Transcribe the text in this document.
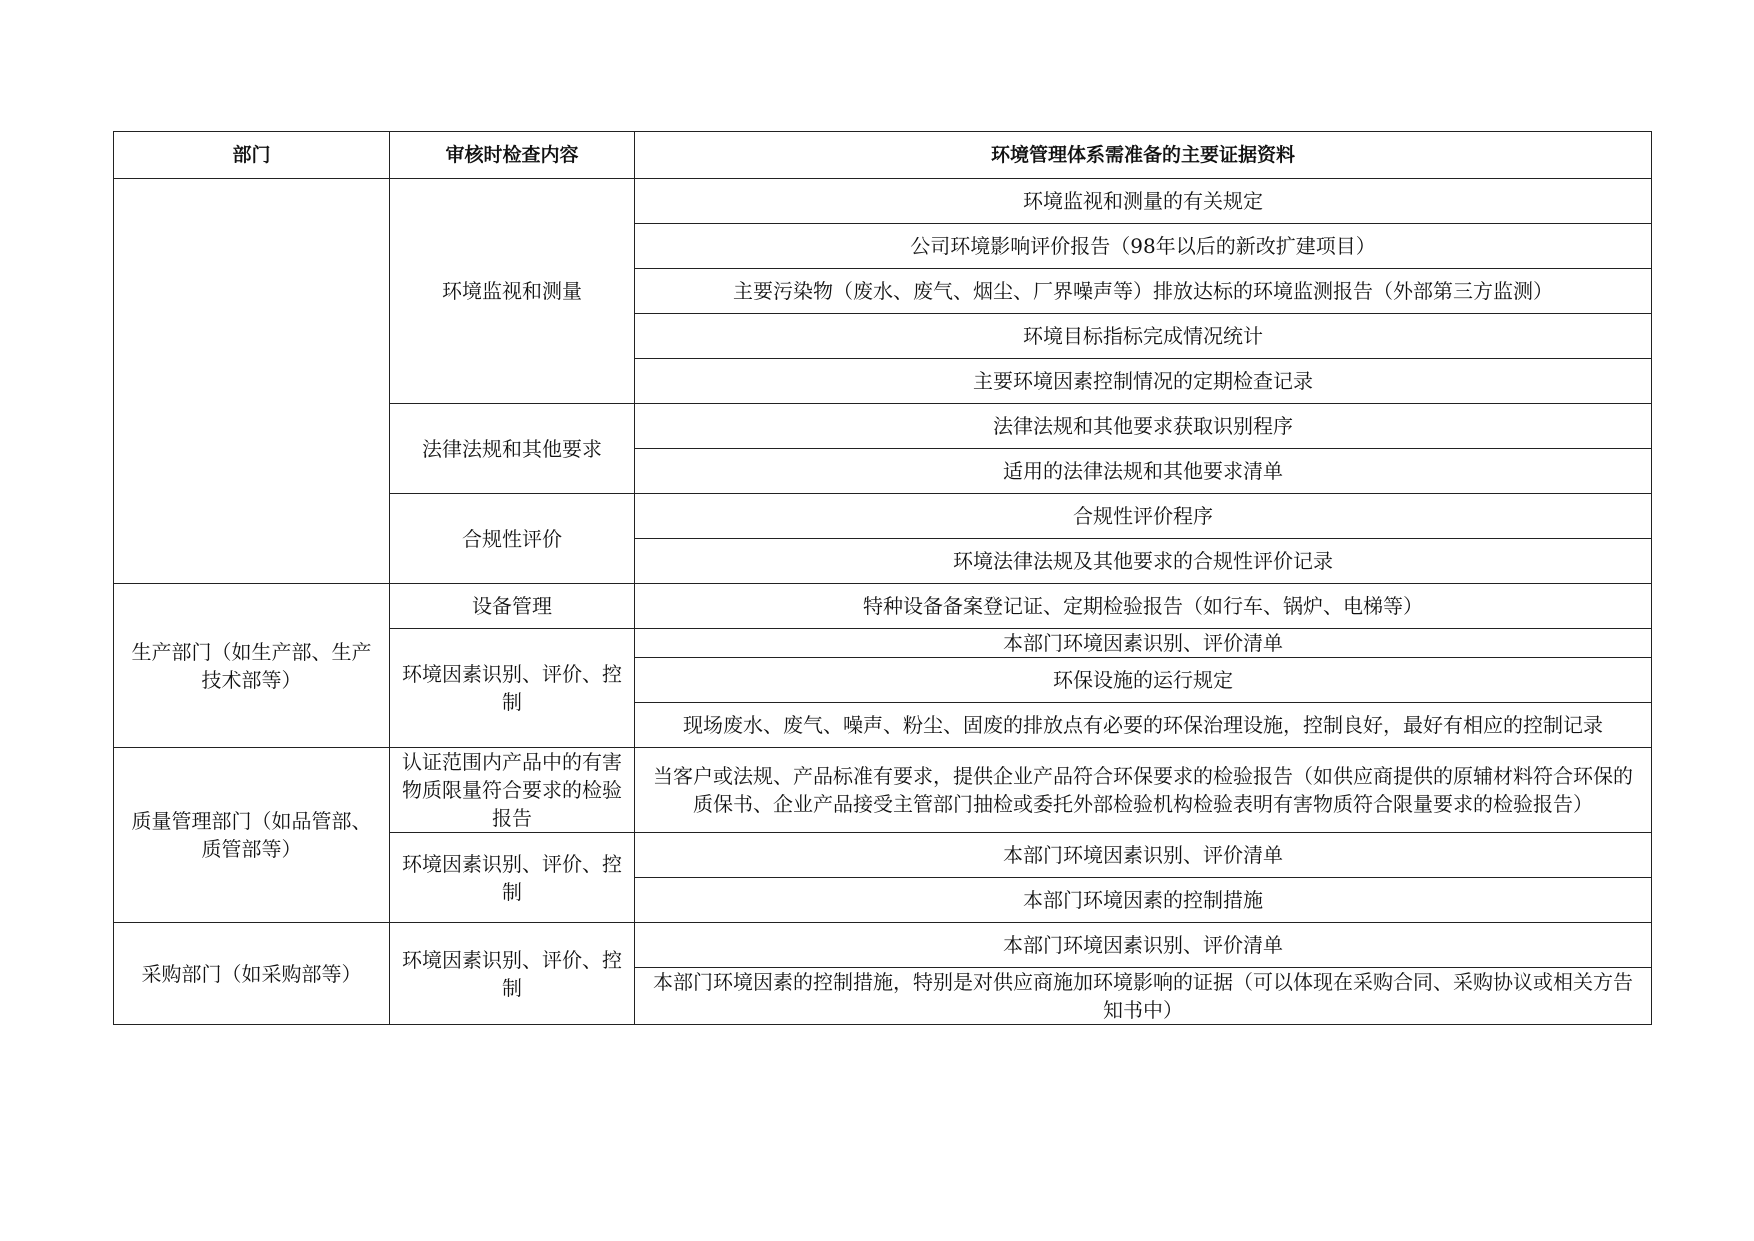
部门	审核时检查内容	环境管理体系需准备的主要证据资料
	环境监视和测量	环境监视和测量的有关规定
		公司环境影响评价报告（98年以后的新改扩建项目）
		主要污染物（废水、废气、烟尘、厂界噪声等）排放达标的环境监测报告（外部第三方监测）
		环境目标指标完成情况统计
		主要环境因素控制情况的定期检查记录
	法律法规和其他要求	法律法规和其他要求获取识别程序
		适用的法律法规和其他要求清单
	合规性评价	合规性评价程序
		环境法律法规及其他要求的合规性评价记录
生产部门（如生产部、生产技术部等）	设备管理	特种设备备案登记证、定期检验报告（如行车、锅炉、电梯等）
	环境因素识别、评价、控制	本部门环境因素识别、评价清单
		环保设施的运行规定
		现场废水、废气、噪声、粉尘、固废的排放点有必要的环保治理设施，控制良好，最好有相应的控制记录
质量管理部门（如品管部、质管部等）	认证范围内产品中的有害物质限量符合要求的检验报告	当客户或法规、产品标准有要求，提供企业产品符合环保要求的检验报告（如供应商提供的原辅材料符合环保的质保书、企业产品接受主管部门抽检或委托外部检验机构检验表明有害物质符合限量要求的检验报告）
	环境因素识别、评价、控制	本部门环境因素识别、评价清单
		本部门环境因素的控制措施
采购部门（如采购部等）	环境因素识别、评价、控制	本部门环境因素识别、评价清单
		本部门环境因素的控制措施，特别是对供应商施加环境影响的证据（可以体现在采购合同、采购协议或相关方告知书中）
